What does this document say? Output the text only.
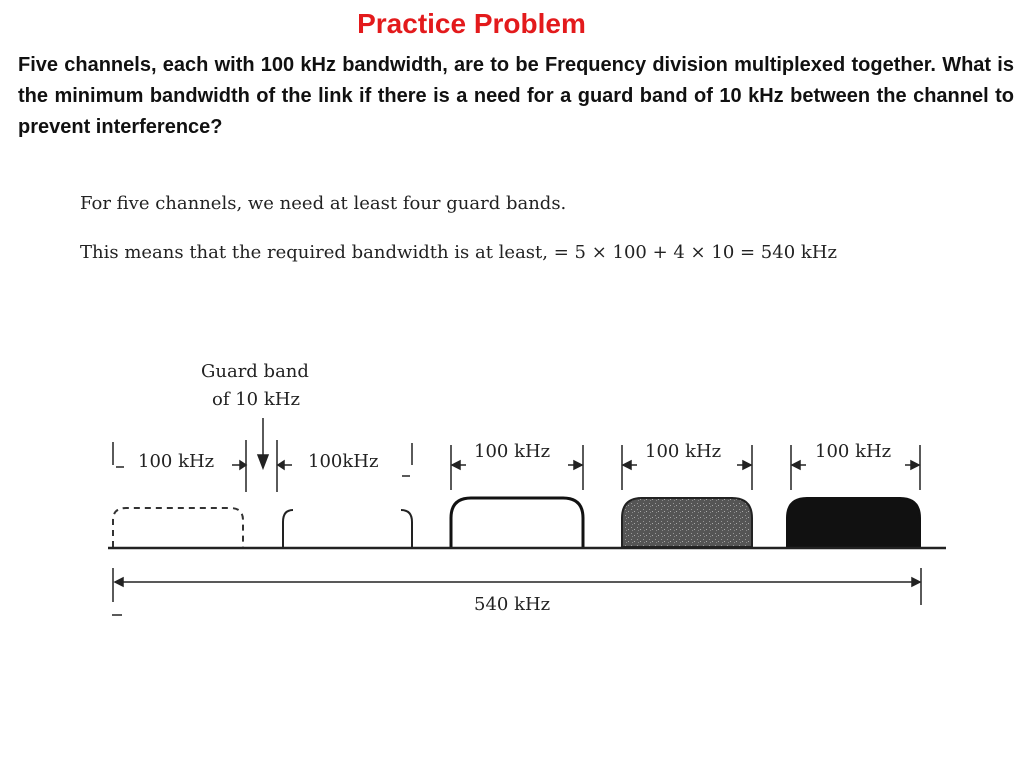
Practice Problem
Five channels, each with 100 kHz bandwidth, are to be Frequency division multiplexed together. What is the minimum bandwidth of the link if there is a need for a guard band of 10 kHz between the channel to prevent interference?
For five channels, we need at least four guard bands.
This means that the required bandwidth is at least, = 5 × 100 + 4 × 10 = 540 kHz
Guard band
of 10 kHz
100 kHz	100kHz	100 kHz	100 kHz	100 kHz
540 kHz
